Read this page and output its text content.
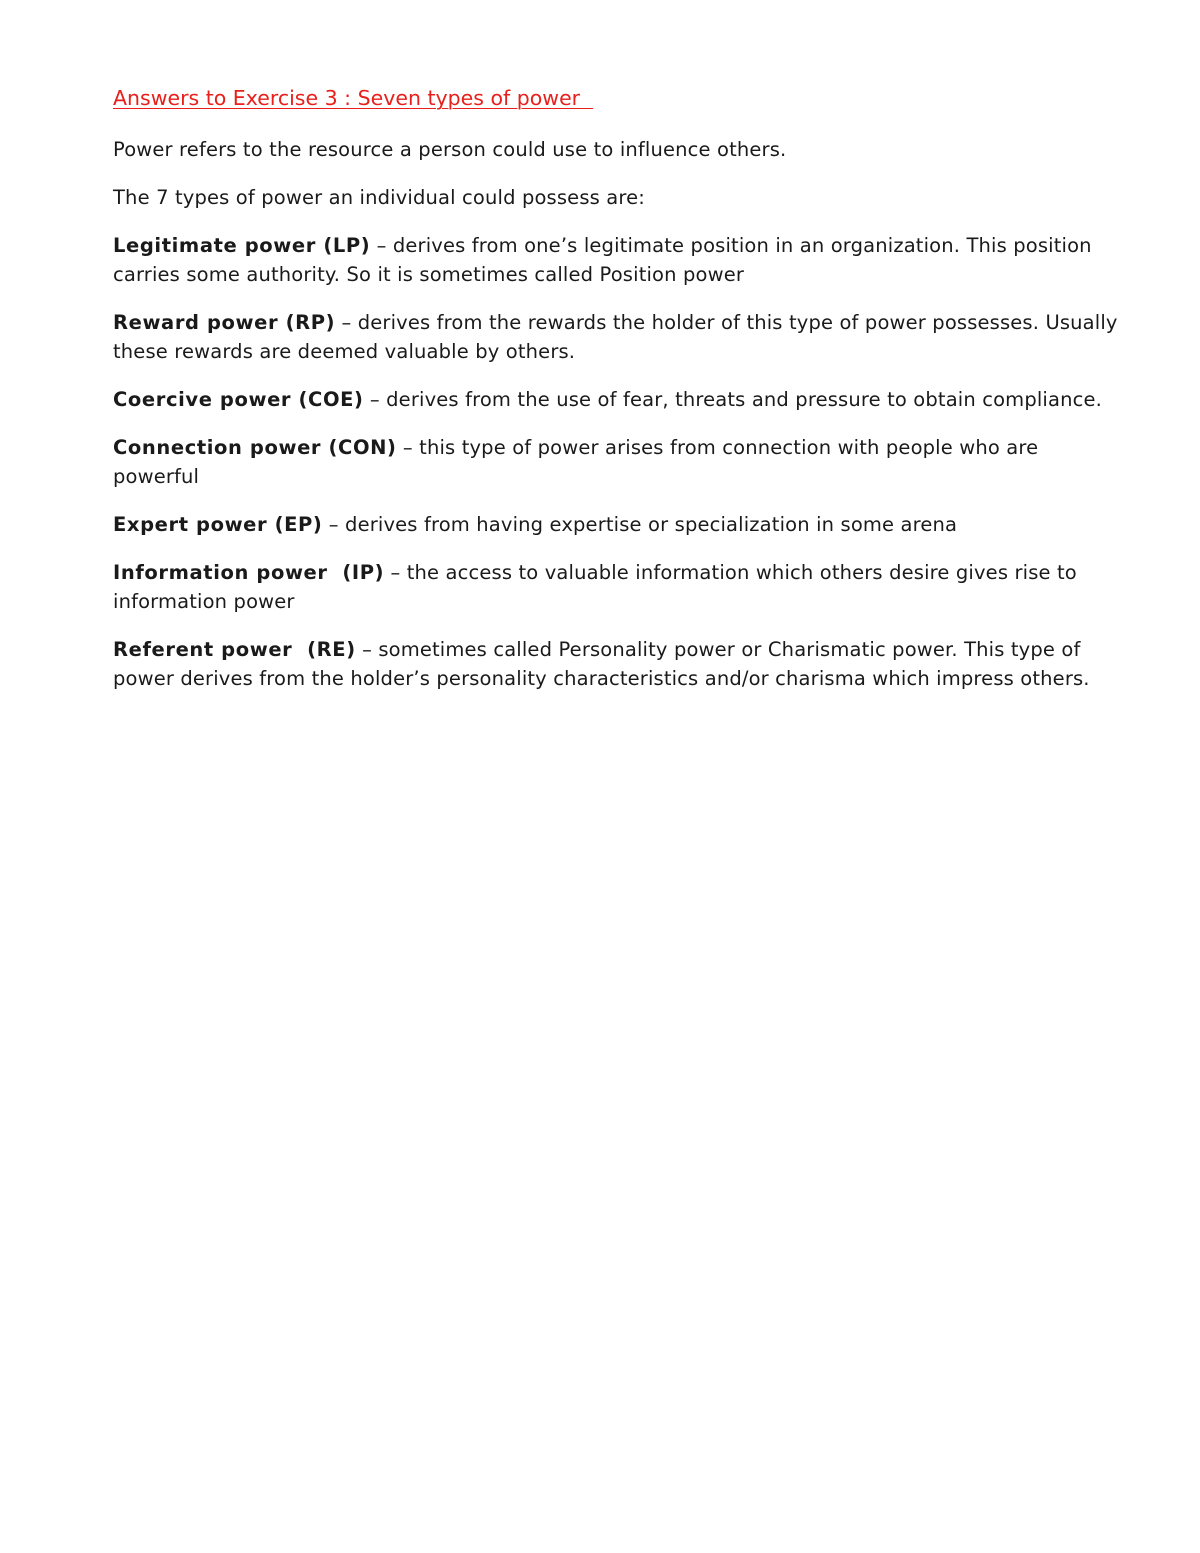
Answers to Exercise 3 : Seven types of power

Power refers to the resource a person could use to influence others.

The 7 types of power an individual could possess are:

Legitimate power (LP) – derives from one’s legitimate position in an organization. This position carries some authority. So it is sometimes called Position power

Reward power (RP) – derives from the rewards the holder of this type of power possesses. Usually these rewards are deemed valuable by others.

Coercive power (COE) – derives from the use of fear, threats and pressure to obtain compliance.

Connection power (CON) – this type of power arises from connection with people who are powerful

Expert power (EP) – derives from having expertise or specialization in some arena

Information power  (IP) – the access to valuable information which others desire gives rise to information power

Referent power  (RE) – sometimes called Personality power or Charismatic power. This type of power derives from the holder’s personality characteristics and/or charisma which impress others.
